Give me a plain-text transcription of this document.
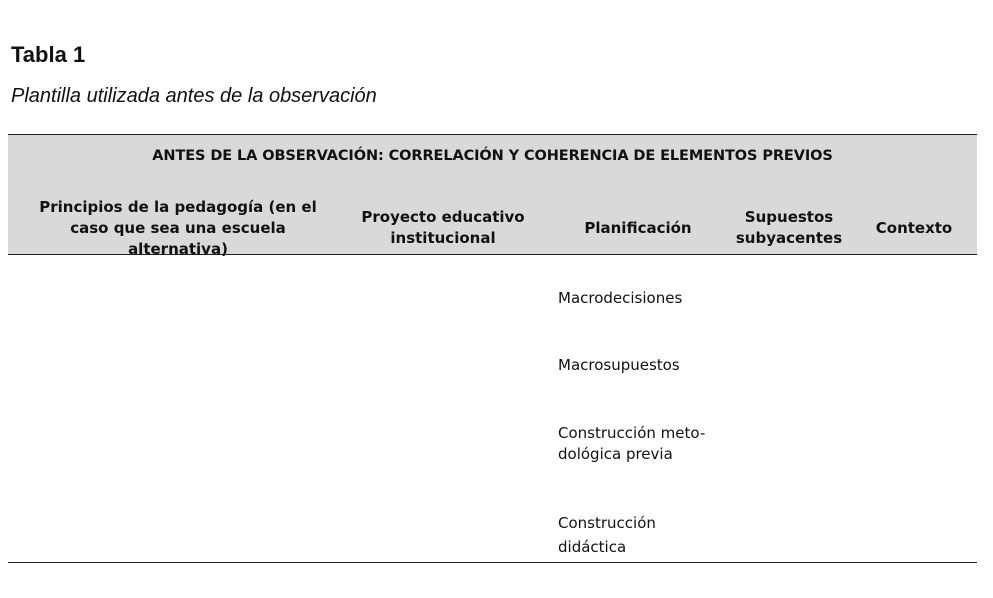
Tabla 1

Plantilla utilizada antes de la observación

ANTES DE LA OBSERVACIÓN: CORRELACIÓN Y COHERENCIA DE ELEMENTOS PREVIOS
Principios de la pedagogía (en el caso que sea una escuela alternativa)
Proyecto educativo institucional
Planificación
Supuestos subyacentes
Contexto
Macrodecisiones
Macrosupuestos
Construcción meto-dológica previa
Construcción didáctica
